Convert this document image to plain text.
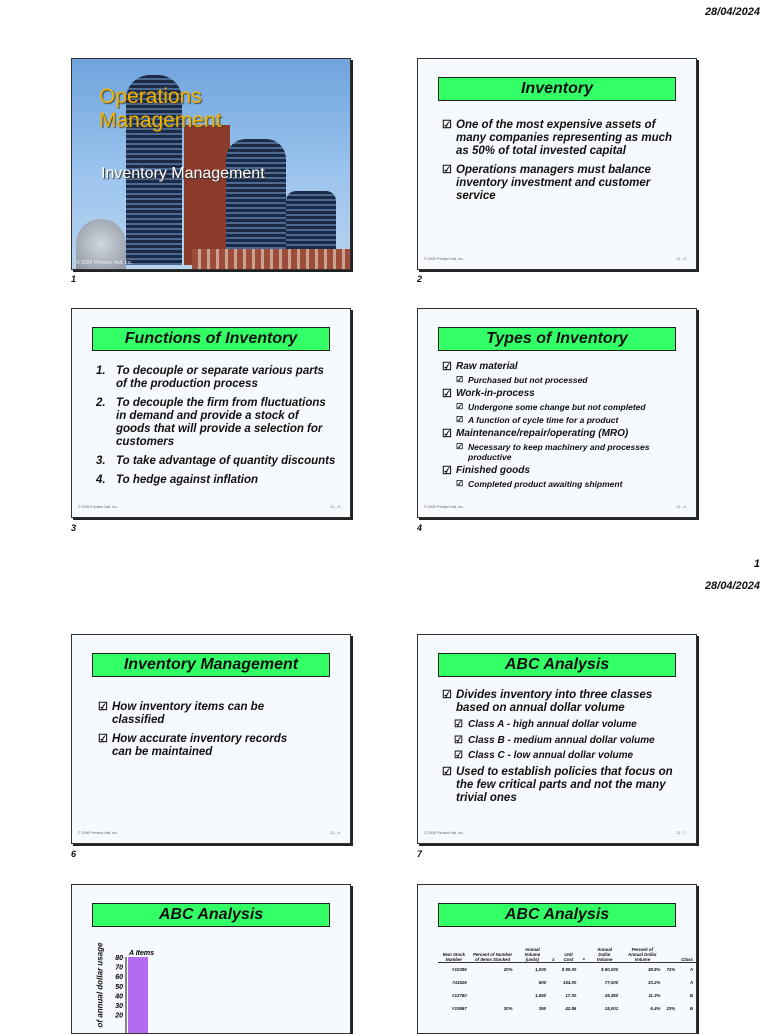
28/04/2024
1
28/04/2024
Operations
Management
Inventory Management
© 2006 Prentice Hall, Inc.
1
Inventory
☑ One of the most expensive assets of many companies representing as much as 50% of total invested capital
☑ Operations managers must balance inventory investment and customer service
© 2006 Prentice Hall, Inc.	12 – 2
2
Functions of Inventory
1. To decouple or separate various parts of the production process
2. To decouple the firm from fluctuations in demand and provide a stock of goods that will provide a selection for customers
3. To take advantage of quantity discounts
4. To hedge against inflation
© 2006 Prentice Hall, Inc.	12 – 3
3
Types of Inventory
☑ Raw material
☑ Purchased but not processed
☑ Work-in-process
☑ Undergone some change but not completed
☑ A function of cycle time for a product
☑ Maintenance/repair/operating (MRO)
☑ Necessary to keep machinery and processes productive
☑ Finished goods
☑ Completed product awaiting shipment
© 2006 Prentice Hall, Inc.	12 – 4
4
Inventory Management
☑ How inventory items can be classified
☑ How accurate inventory records can be maintained
© 2006 Prentice Hall, Inc.	12 – 6
6
ABC Analysis
☑ Divides inventory into three classes based on annual dollar volume
☑ Class A - high annual dollar volume
☑ Class B - medium annual dollar volume
☑ Class C - low annual dollar volume
☑ Used to establish policies that focus on the few critical parts and not the many trivial ones
© 2006 Prentice Hall, Inc.	12 – 7
7
ABC Analysis
of annual dollar usage 80
70
60
50
40
30
20
A Items
ABC Analysis
Item Stock Number	Percent of Number of Items Stocked	Annual Volume (units)	x	Unit Cost	=	Annual Dollar Volume	Percent of Annual Dollar Volume		Class
#10286	20%	1,000		$ 90.00		$ 90,000	38.8%	72%	A
#11526		500		154.00		77,000	33.2%		A
#12760		1,550		17.00		26,350	11.3%		B
#10867	30%	350		42.86		15,001	6.4%	23%	B
